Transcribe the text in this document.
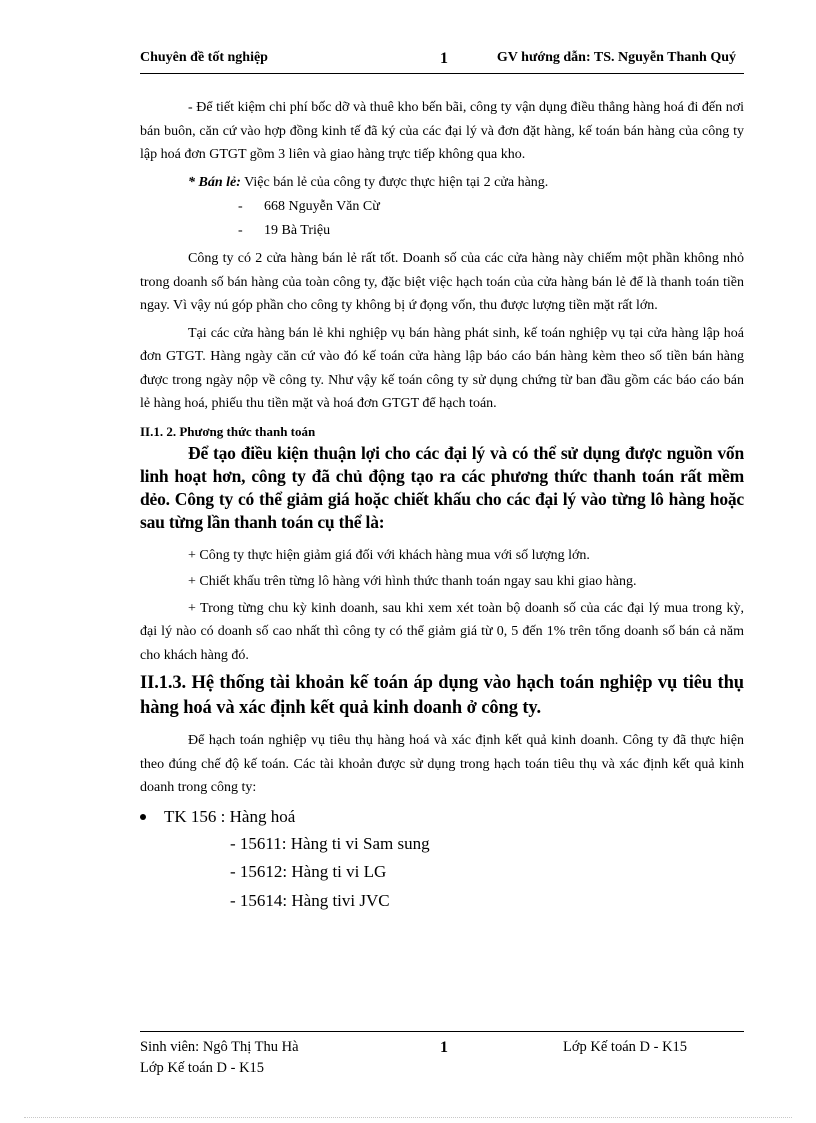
Chuyên đề tốt nghiệp	1	GV hướng dẫn: TS. Nguyễn Thanh Quý

- Để tiết kiệm chi phí bốc dỡ và thuê kho bến bãi, công ty vận dụng điều thẳng hàng hoá đi đến nơi bán buôn, căn cứ vào hợp đồng kinh tế đã ký của các đại lý và đơn đặt hàng, kế toán bán hàng của công ty lập hoá đơn GTGT gồm 3 liên và giao hàng trực tiếp không qua kho.

* Bán lẻ: Việc bán lẻ của công ty được thực hiện tại 2 cửa hàng.

- 668 Nguyễn Văn Cừ
- 19 Bà Triệu

Công ty có 2 cửa hàng bán lẻ rất tốt. Doanh số của các cửa hàng này chiếm một phần không nhỏ trong doanh số bán hàng của toàn công ty, đặc biệt việc hạch toán của cửa hàng bán lẻ để là thanh toán tiền ngay. Vì vậy nú góp phần cho công ty không bị ứ đọng vốn, thu được lượng tiền mặt rất lớn.

Tại các cửa hàng bán lẻ khi nghiệp vụ bán hàng phát sinh, kế toán nghiệp vụ tại cửa hàng lập hoá đơn GTGT. Hàng ngày căn cứ vào đó kế toán cửa hàng lập báo cáo bán hàng kèm theo số tiền bán hàng được trong ngày nộp về công ty. Như vậy kế toán công ty sử dụng chứng từ ban đầu gồm các báo cáo bán lẻ hàng hoá, phiếu thu tiền mặt và hoá đơn GTGT để hạch toán.

II.1. 2. Phương thức thanh toán

Để tạo điều kiện thuận lợi cho các đại lý và có thể sử dụng được nguồn vốn linh hoạt hơn, công ty đã chủ động tạo ra các phương thức thanh toán rất mềm dẻo. Công ty có thể giảm giá hoặc chiết khấu cho các đại lý vào từng lô hàng hoặc sau từng lần thanh toán cụ thể là:

+ Công ty thực hiện giảm giá đối với khách hàng mua với số lượng lớn.

+ Chiết khấu trên từng lô hàng với hình thức thanh toán ngay sau khi giao hàng.

+ Trong từng chu kỳ kinh doanh, sau khi xem xét toàn bộ doanh số của các đại lý mua trong kỳ, đại lý nào có doanh số cao nhất thì công ty có thể giảm giá từ 0, 5 đến 1% trên tổng doanh số bán cả năm cho khách hàng đó.

II.1.3. Hệ thống tài khoản kế toán áp dụng vào hạch toán nghiệp vụ tiêu thụ hàng hoá và xác định kết quả kinh doanh ở công ty.

Để hạch toán nghiệp vụ tiêu thụ hàng hoá và xác định kết quả kinh doanh. Công ty đã thực hiện theo đúng chế độ kế toán. Các tài khoản được sử dụng trong hạch toán tiêu thụ và xác định kết quả kinh doanh trong công ty:

TK 156 : Hàng hoá
- 15611: Hàng ti vi Sam sung
- 15612: Hàng ti vi LG
- 15614: Hàng tivi JVC
Sinh viên: Ngô Thị Thu Hà
Lớp Kế toán D - K15
1	Lớp Kế toán D - K15
